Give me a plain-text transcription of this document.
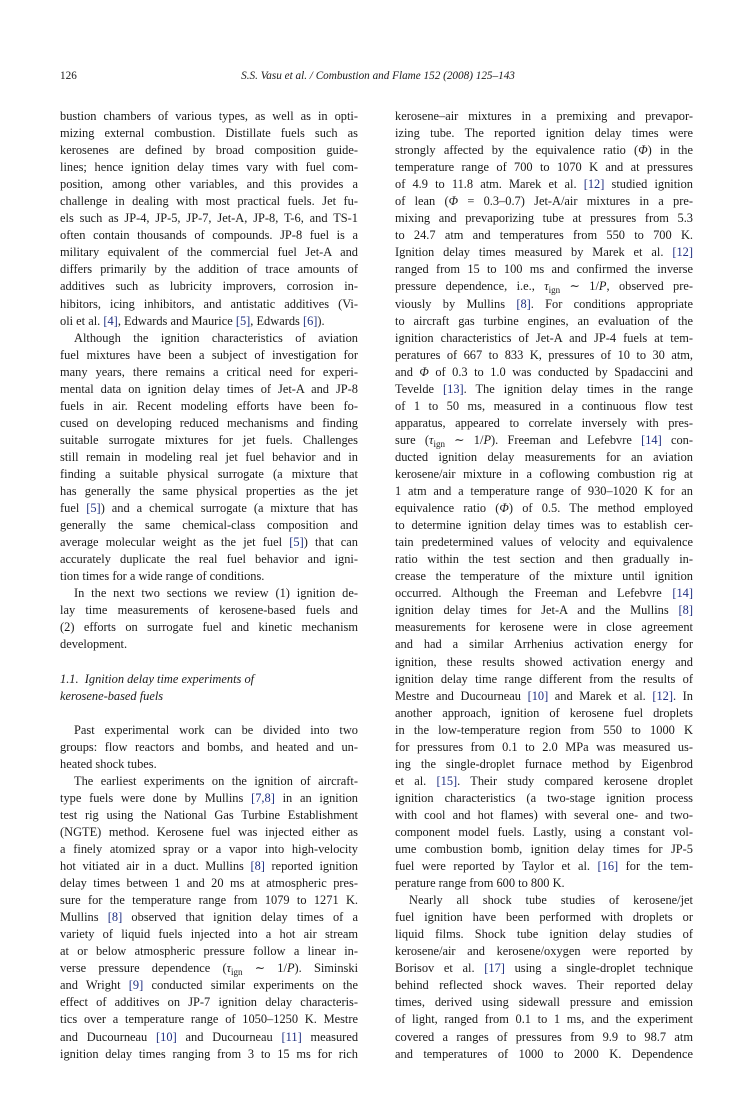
126	S.S. Vasu et al. / Combustion and Flame 152 (2008) 125–143
bustion chambers of various types, as well as in opti-
mizing external combustion. Distillate fuels such as
kerosenes are defined by broad composition guide-
lines; hence ignition delay times vary with fuel com-
position, among other variables, and this provides a
challenge in dealing with most practical fuels. Jet fu-
els such as JP-4, JP-5, JP-7, Jet-A, JP-8, T-6, and TS-1
often contain thousands of compounds. JP-8 fuel is a
military equivalent of the commercial fuel Jet-A and
differs primarily by the addition of trace amounts of
additives such as lubricity improvers, corrosion in-
hibitors, icing inhibitors, and antistatic additives (Vi-
oli et al. [4], Edwards and Maurice [5], Edwards [6]).
Although the ignition characteristics of aviation
fuel mixtures have been a subject of investigation for
many years, there remains a critical need for experi-
mental data on ignition delay times of Jet-A and JP-8
fuels in air. Recent modeling efforts have been fo-
cused on developing reduced mechanisms and finding
suitable surrogate mixtures for jet fuels. Challenges
still remain in modeling real jet fuel behavior and in
finding a suitable physical surrogate (a mixture that
has generally the same physical properties as the jet
fuel [5]) and a chemical surrogate (a mixture that has
generally the same chemical-class composition and
average molecular weight as the jet fuel [5]) that can
accurately duplicate the real fuel behavior and igni-
tion times for a wide range of conditions.
In the next two sections we review (1) ignition de-
lay time measurements of kerosene-based fuels and
(2) efforts on surrogate fuel and kinetic mechanism
development.
1.1.  Ignition delay time experiments of
kerosene-based fuels
Past experimental work can be divided into two
groups: flow reactors and bombs, and heated and un-
heated shock tubes.
The earliest experiments on the ignition of aircraft-
type fuels were done by Mullins [7,8] in an ignition
test rig using the National Gas Turbine Establishment
(NGTE) method. Kerosene fuel was injected either as
a finely atomized spray or a vapor into high-velocity
hot vitiated air in a duct. Mullins [8] reported ignition
delay times between 1 and 20 ms at atmospheric pres-
sure for the temperature range from 1079 to 1271 K.
Mullins [8] observed that ignition delay times of a
variety of liquid fuels injected into a hot air stream
at or below atmospheric pressure follow a linear in-
verse pressure dependence ($\tau_{ign}$ ∼ 1/P). Siminski
and Wright [9] conducted similar experiments on the
effect of additives on JP-7 ignition delay characteris-
tics over a temperature range of 1050–1250 K. Mestre
and Ducourneau [10] and Ducourneau [11] measured
ignition delay times ranging from 3 to 15 ms for rich
kerosene–air mixtures in a premixing and prevapor-
izing tube. The reported ignition delay times were
strongly affected by the equivalence ratio (Φ) in the
temperature range of 700 to 1070 K and at pressures
of 4.9 to 11.8 atm. Marek et al. [12] studied ignition
of lean (Φ = 0.3–0.7) Jet-A/air mixtures in a pre-
mixing and prevaporizing tube at pressures from 5.3
to 24.7 atm and temperatures from 550 to 700 K.
Ignition delay times measured by Marek et al. [12]
ranged from 15 to 100 ms and confirmed the inverse
pressure dependence, i.e., $\tau_{ign}$ ∼ 1/P, observed pre-
viously by Mullins [8]. For conditions appropriate
to aircraft gas turbine engines, an evaluation of the
ignition characteristics of Jet-A and JP-4 fuels at tem-
peratures of 667 to 833 K, pressures of 10 to 30 atm,
and Φ of 0.3 to 1.0 was conducted by Spadaccini and
Tevelde [13]. The ignition delay times in the range
of 1 to 50 ms, measured in a continuous flow test
apparatus, appeared to correlate inversely with pres-
sure ($\tau_{ign}$ ∼ 1/P). Freeman and Lefebvre [14] con-
ducted ignition delay measurements for an aviation
kerosene/air mixture in a coflowing combustion rig at
1 atm and a temperature range of 930–1020 K for an
equivalence ratio (Φ) of 0.5. The method employed
to determine ignition delay times was to establish cer-
tain predetermined values of velocity and equivalence
ratio within the test section and then gradually in-
crease the temperature of the mixture until ignition
occurred. Although the Freeman and Lefebvre [14]
ignition delay times for Jet-A and the Mullins [8]
measurements for kerosene were in close agreement
and had a similar Arrhenius activation energy for
ignition, these results showed activation energy and
ignition delay time range different from the results of
Mestre and Ducourneau [10] and Marek et al. [12]. In
another approach, ignition of kerosene fuel droplets
in the low-temperature region from 550 to 1000 K
for pressures from 0.1 to 2.0 MPa was measured us-
ing the single-droplet furnace method by Eigenbrod
et al. [15]. Their study compared kerosene droplet
ignition characteristics (a two-stage ignition process
with cool and hot flames) with several one- and two-
component model fuels. Lastly, using a constant vol-
ume combustion bomb, ignition delay times for JP-5
fuel were reported by Taylor et al. [16] for the tem-
perature range from 600 to 800 K.
Nearly all shock tube studies of kerosene/jet
fuel ignition have been performed with droplets or
liquid films. Shock tube ignition delay studies of
kerosene/air and kerosene/oxygen were reported by
Borisov et al. [17] using a single-droplet technique
behind reflected shock waves. Their reported delay
times, derived using sidewall pressure and emission
of light, ranged from 0.1 to 1 ms, and the experiment
covered a ranges of pressures from 9.9 to 98.7 atm
and temperatures of 1000 to 2000 K. Dependence
